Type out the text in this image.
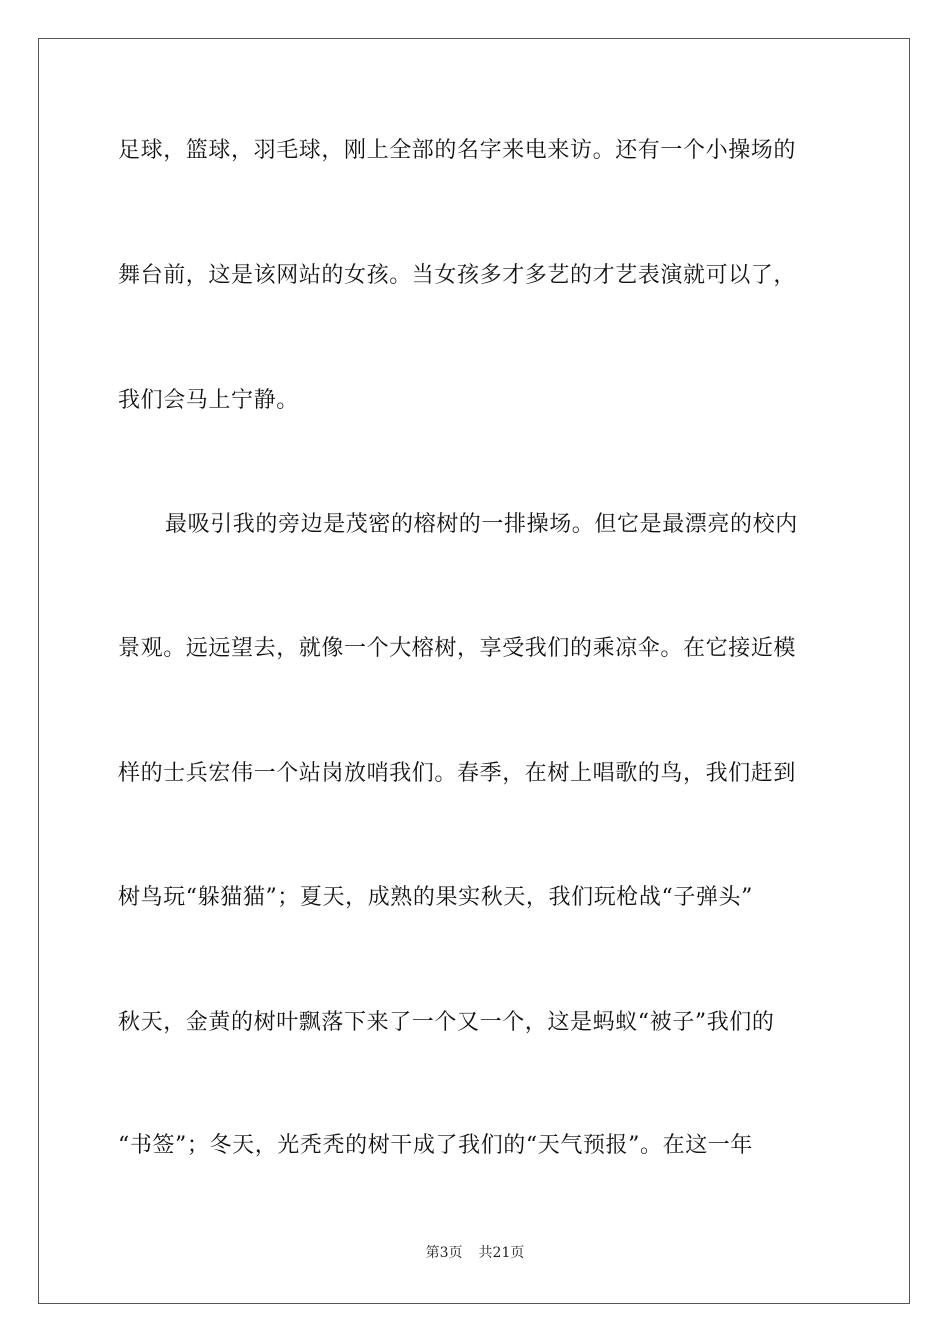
足球，篮球，羽毛球，刚上全部的名字来电来访。还有一个小操场的
舞台前，这是该网站的女孩。当女孩多才多艺的才艺表演就可以了，
我们会马上宁静。
最吸引我的旁边是茂密的榕树的一排操场。但它是最漂亮的校内
景观。远远望去，就像一个大榕树，享受我们的乘凉伞。在它接近模
样的士兵宏伟一个站岗放哨我们。春季，在树上唱歌的鸟，我们赶到
树鸟玩“躲猫猫”；夏天，成熟的果实秋天，我们玩枪战“子弹头”
秋天，金黄的树叶飘落下来了一个又一个，这是蚂蚁“被子”我们的
“书签”；冬天，光秃秃的树干成了我们的“天气预报”。在这一年
第3页 共21页
